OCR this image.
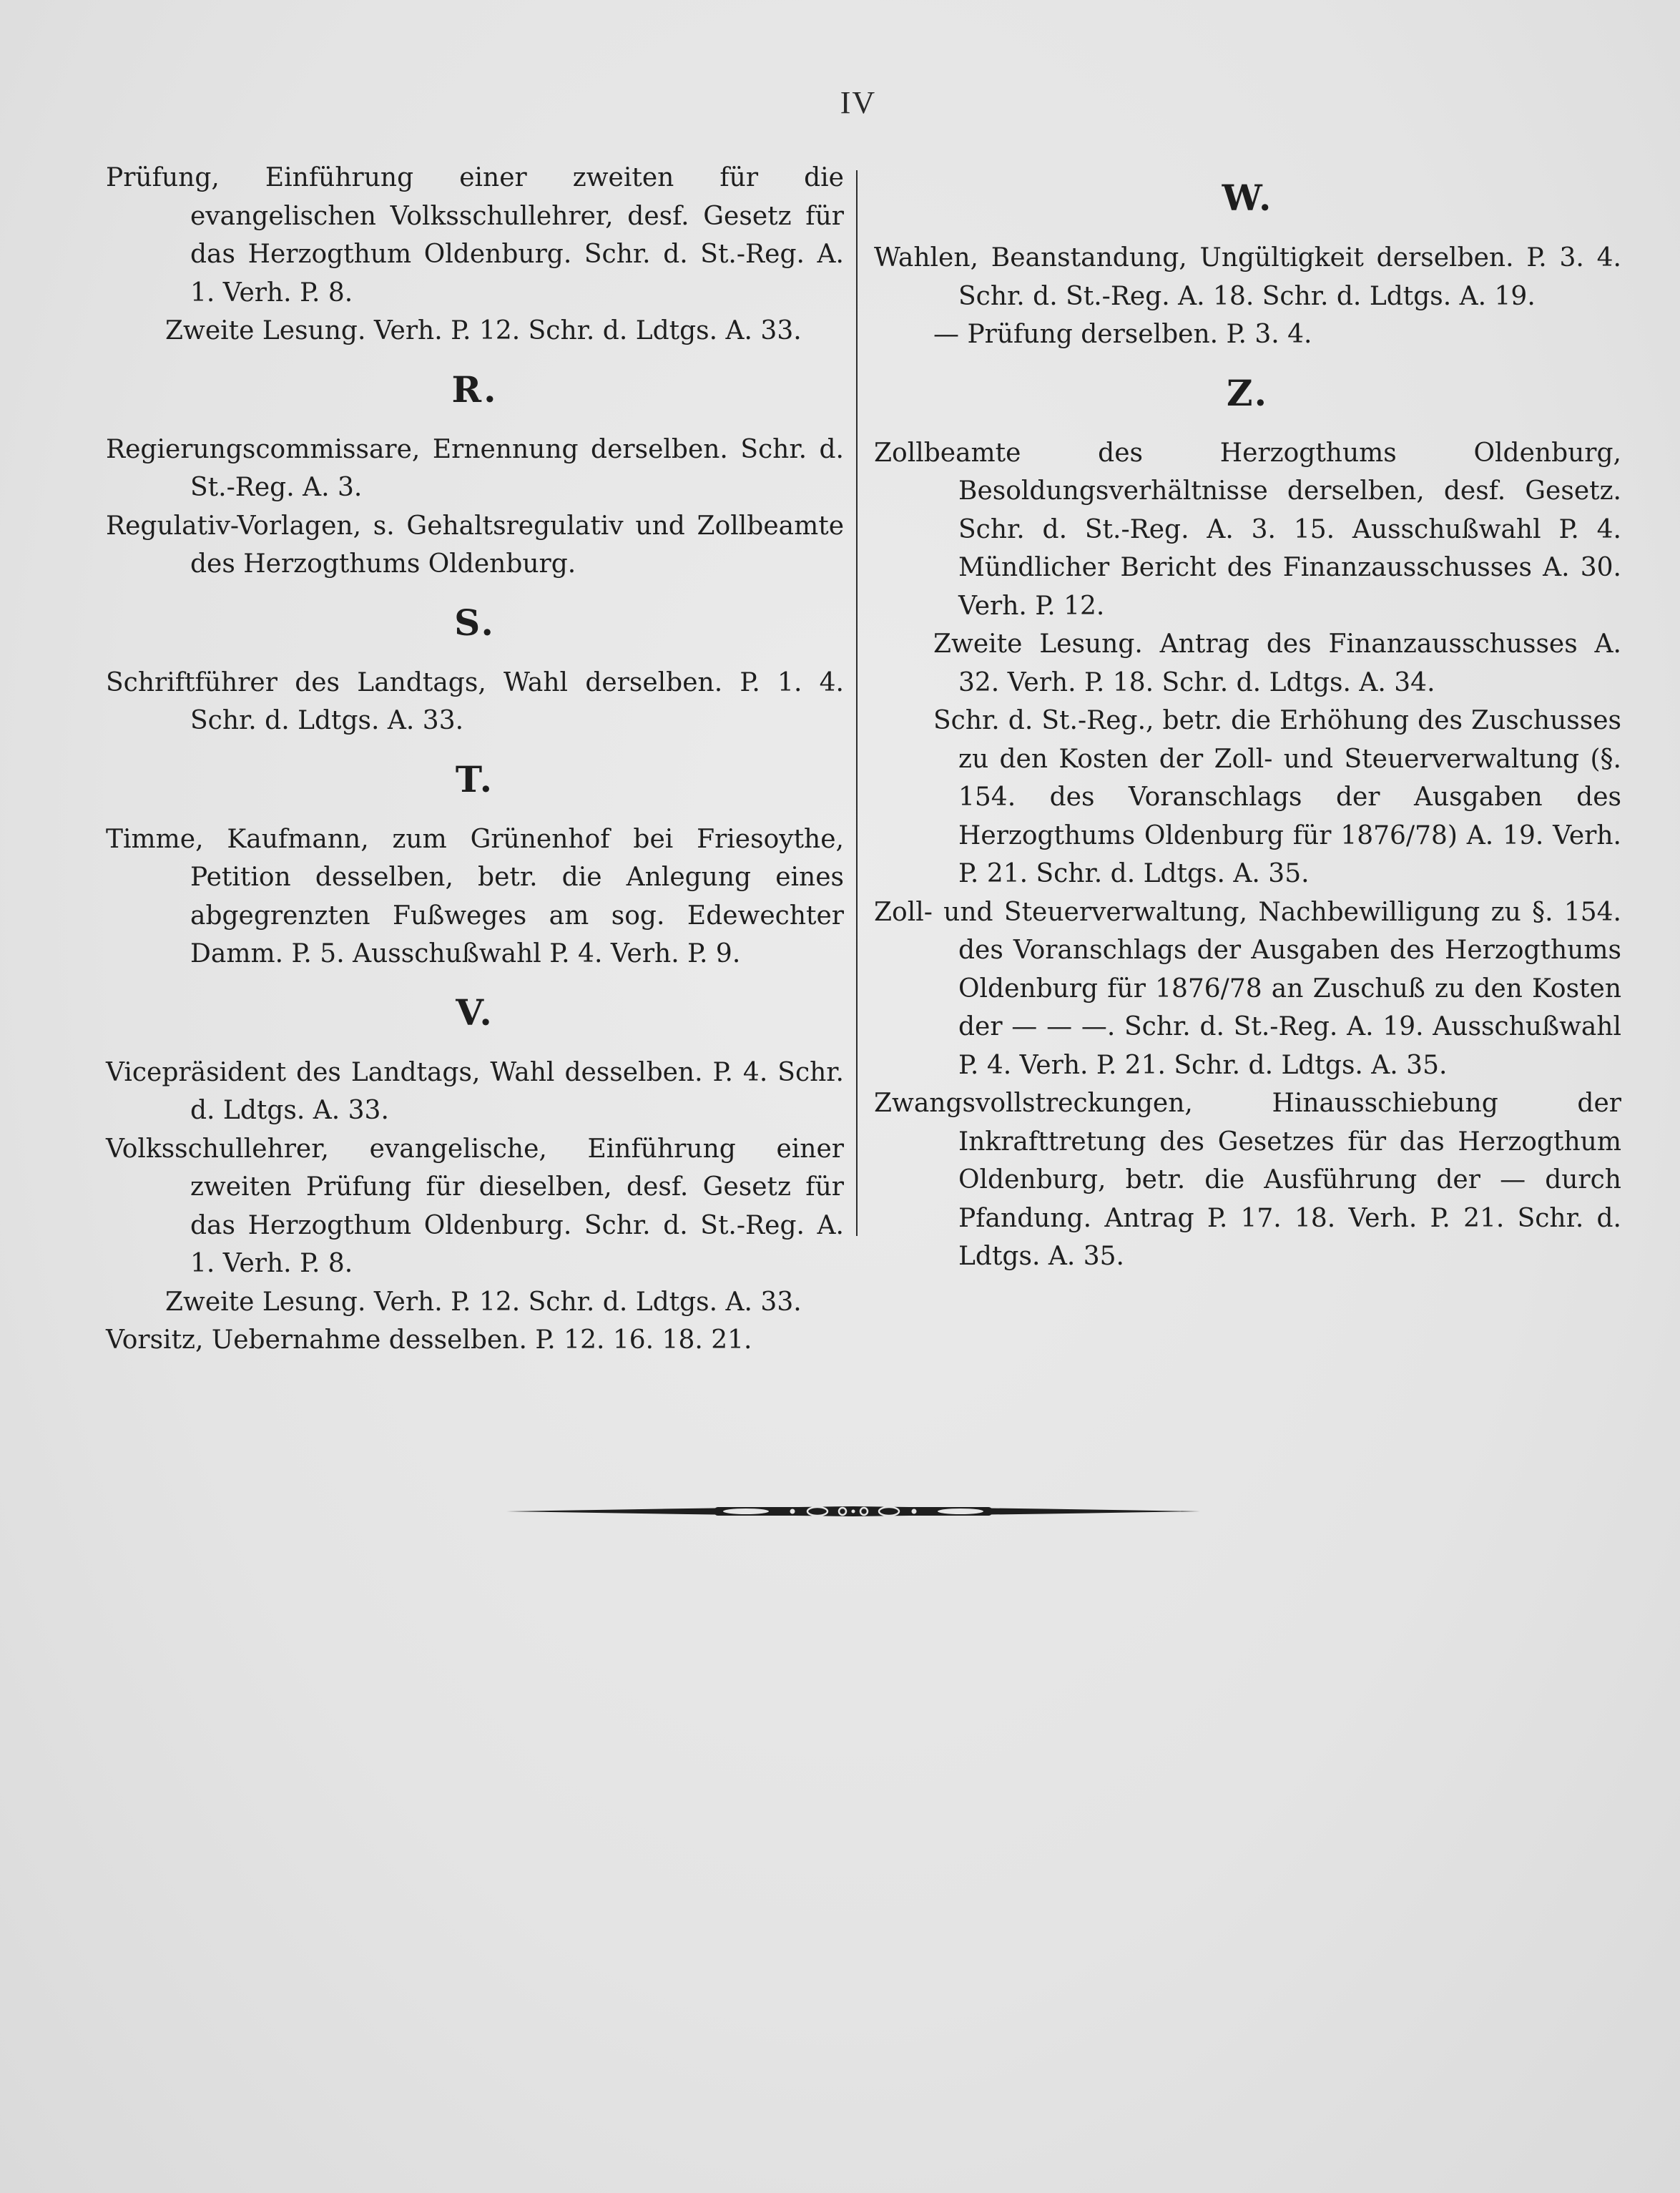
IV
Prüfung, Einführung einer zweiten für die evangelischen Volksschullehrer, desf. Gesetz für das Herzogthum Oldenburg. Schr. d. St.-Reg. A. 1. Verh. P. 8.
Zweite Lesung. Verh. P. 12. Schr. d. Ldtgs. A. 33.
R.
Regierungscommissare, Ernennung derselben. Schr. d. St.-Reg. A. 3.
Regulativ-Vorlagen, s. Gehaltsregulativ und Zollbeamte des Herzogthums Oldenburg.
S.
Schriftführer des Landtags, Wahl derselben. P. 1. 4. Schr. d. Ldtgs. A. 33.
T.
Timme, Kaufmann, zum Grünenhof bei Friesoythe, Petition desselben, betr. die Anlegung eines abgegrenzten Fußweges am sog. Edewechter Damm. P. 5. Ausschußwahl P. 4. Verh. P. 9.
V.
Vicepräsident des Landtags, Wahl desselben. P. 4. Schr. d. Ldtgs. A. 33.
Volksschullehrer, evangelische, Einführung einer zweiten Prüfung für dieselben, desf. Gesetz für das Herzogthum Oldenburg. Schr. d. St.-Reg. A. 1. Verh. P. 8.
Zweite Lesung. Verh. P. 12. Schr. d. Ldtgs. A. 33.
Vorsitz, Uebernahme desselben. P. 12. 16. 18. 21.
W.
Wahlen, Beanstandung, Ungültigkeit derselben. P. 3. 4. Schr. d. St.-Reg. A. 18. Schr. d. Ldtgs. A. 19.
— Prüfung derselben. P. 3. 4.
Z.
Zollbeamte des Herzogthums Oldenburg, Besoldungsverhältnisse derselben, desf. Gesetz. Schr. d. St.-Reg. A. 3. 15. Ausschußwahl P. 4. Mündlicher Bericht des Finanzausschusses A. 30. Verh. P. 12.
Zweite Lesung. Antrag des Finanzausschusses A. 32. Verh. P. 18. Schr. d. Ldtgs. A. 34.
Schr. d. St.-Reg., betr. die Erhöhung des Zuschusses zu den Kosten der Zoll- und Steuerverwaltung (§. 154. des Voranschlags der Ausgaben des Herzogthums Oldenburg für 1876/78) A. 19. Verh. P. 21. Schr. d. Ldtgs. A. 35.
Zoll- und Steuerverwaltung, Nachbewilligung zu §. 154. des Voranschlags der Ausgaben des Herzogthums Oldenburg für 1876/78 an Zuschuß zu den Kosten der — — —. Schr. d. St.-Reg. A. 19. Ausschußwahl P. 4. Verh. P. 21. Schr. d. Ldtgs. A. 35.
Zwangsvollstreckungen, Hinausschiebung der Inkrafttretung des Gesetzes für das Herzogthum Oldenburg, betr. die Ausführung der — durch Pfandung. Antrag P. 17. 18. Verh. P. 21. Schr. d. Ldtgs. A. 35.
